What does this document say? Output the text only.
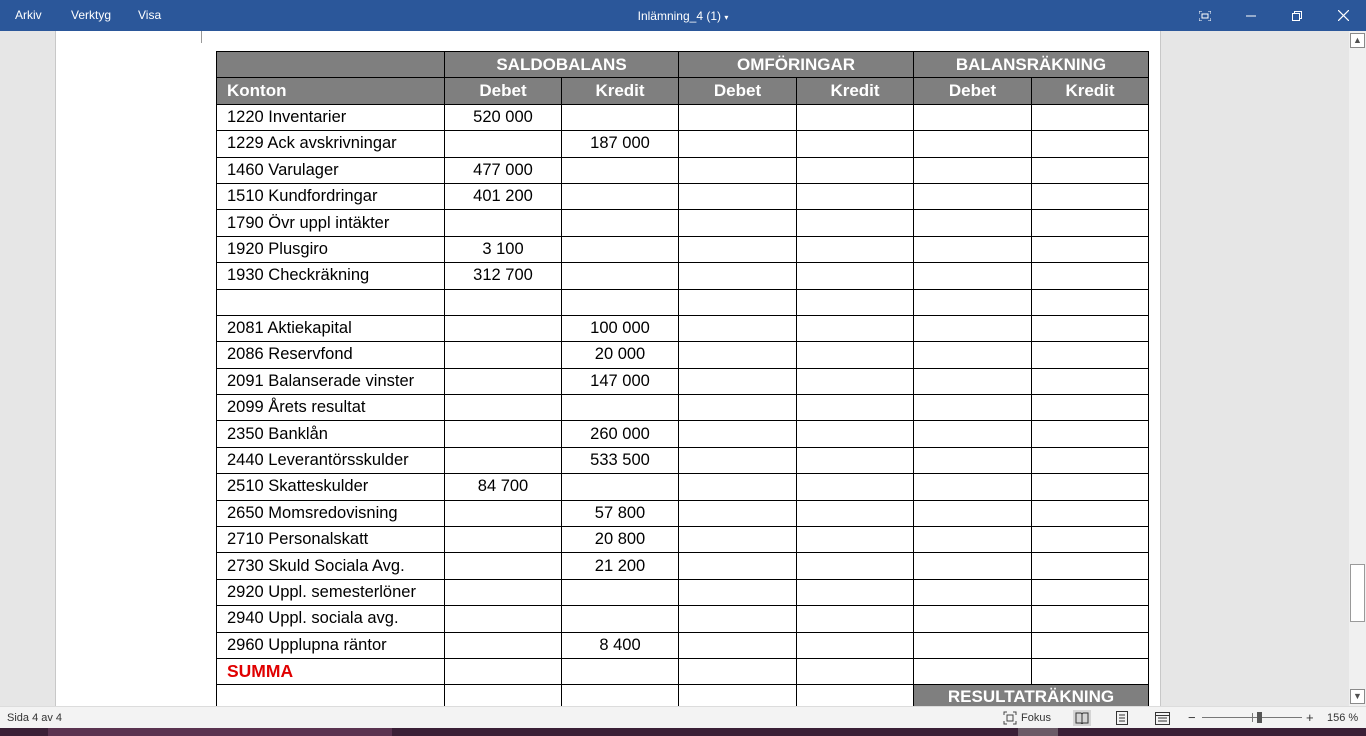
Arkiv Verktyg Visa	Inlämning_4 (1) ▾
	SALDOBALANS		OMFÖRINGAR		BALANSRÄKNING	
Konton	Debet	Kredit	Debet	Kredit	Debet	Kredit
1220 Inventarier	520 000					
1229 Ack avskrivningar		187 000				
1460 Varulager	477 000					
1510 Kundfordringar	401 200					
1790 Övr uppl intäkter						
1920 Plusgiro	3 100					
1930 Checkräkning	312 700					

2081 Aktiekapital		100 000				
2086 Reservfond		20 000				
2091 Balanserade vinster		147 000				
2099 Årets resultat						
2350 Banklån		260 000				
2440 Leverantörsskulder		533 500				
2510 Skatteskulder	84 700					
2650 Momsredovisning		57 800				
2710 Personalskatt		20 800				
2730 Skuld Sociala Avg.		21 200				
2920 Uppl. semesterlöner						
2940 Uppl. sociala avg.						
2960 Upplupna räntor		8 400				
SUMMA						
					RESULTATRÄKNING	
▲
▼
Sida 4 av 4	Fokus	−	+ 156 %
